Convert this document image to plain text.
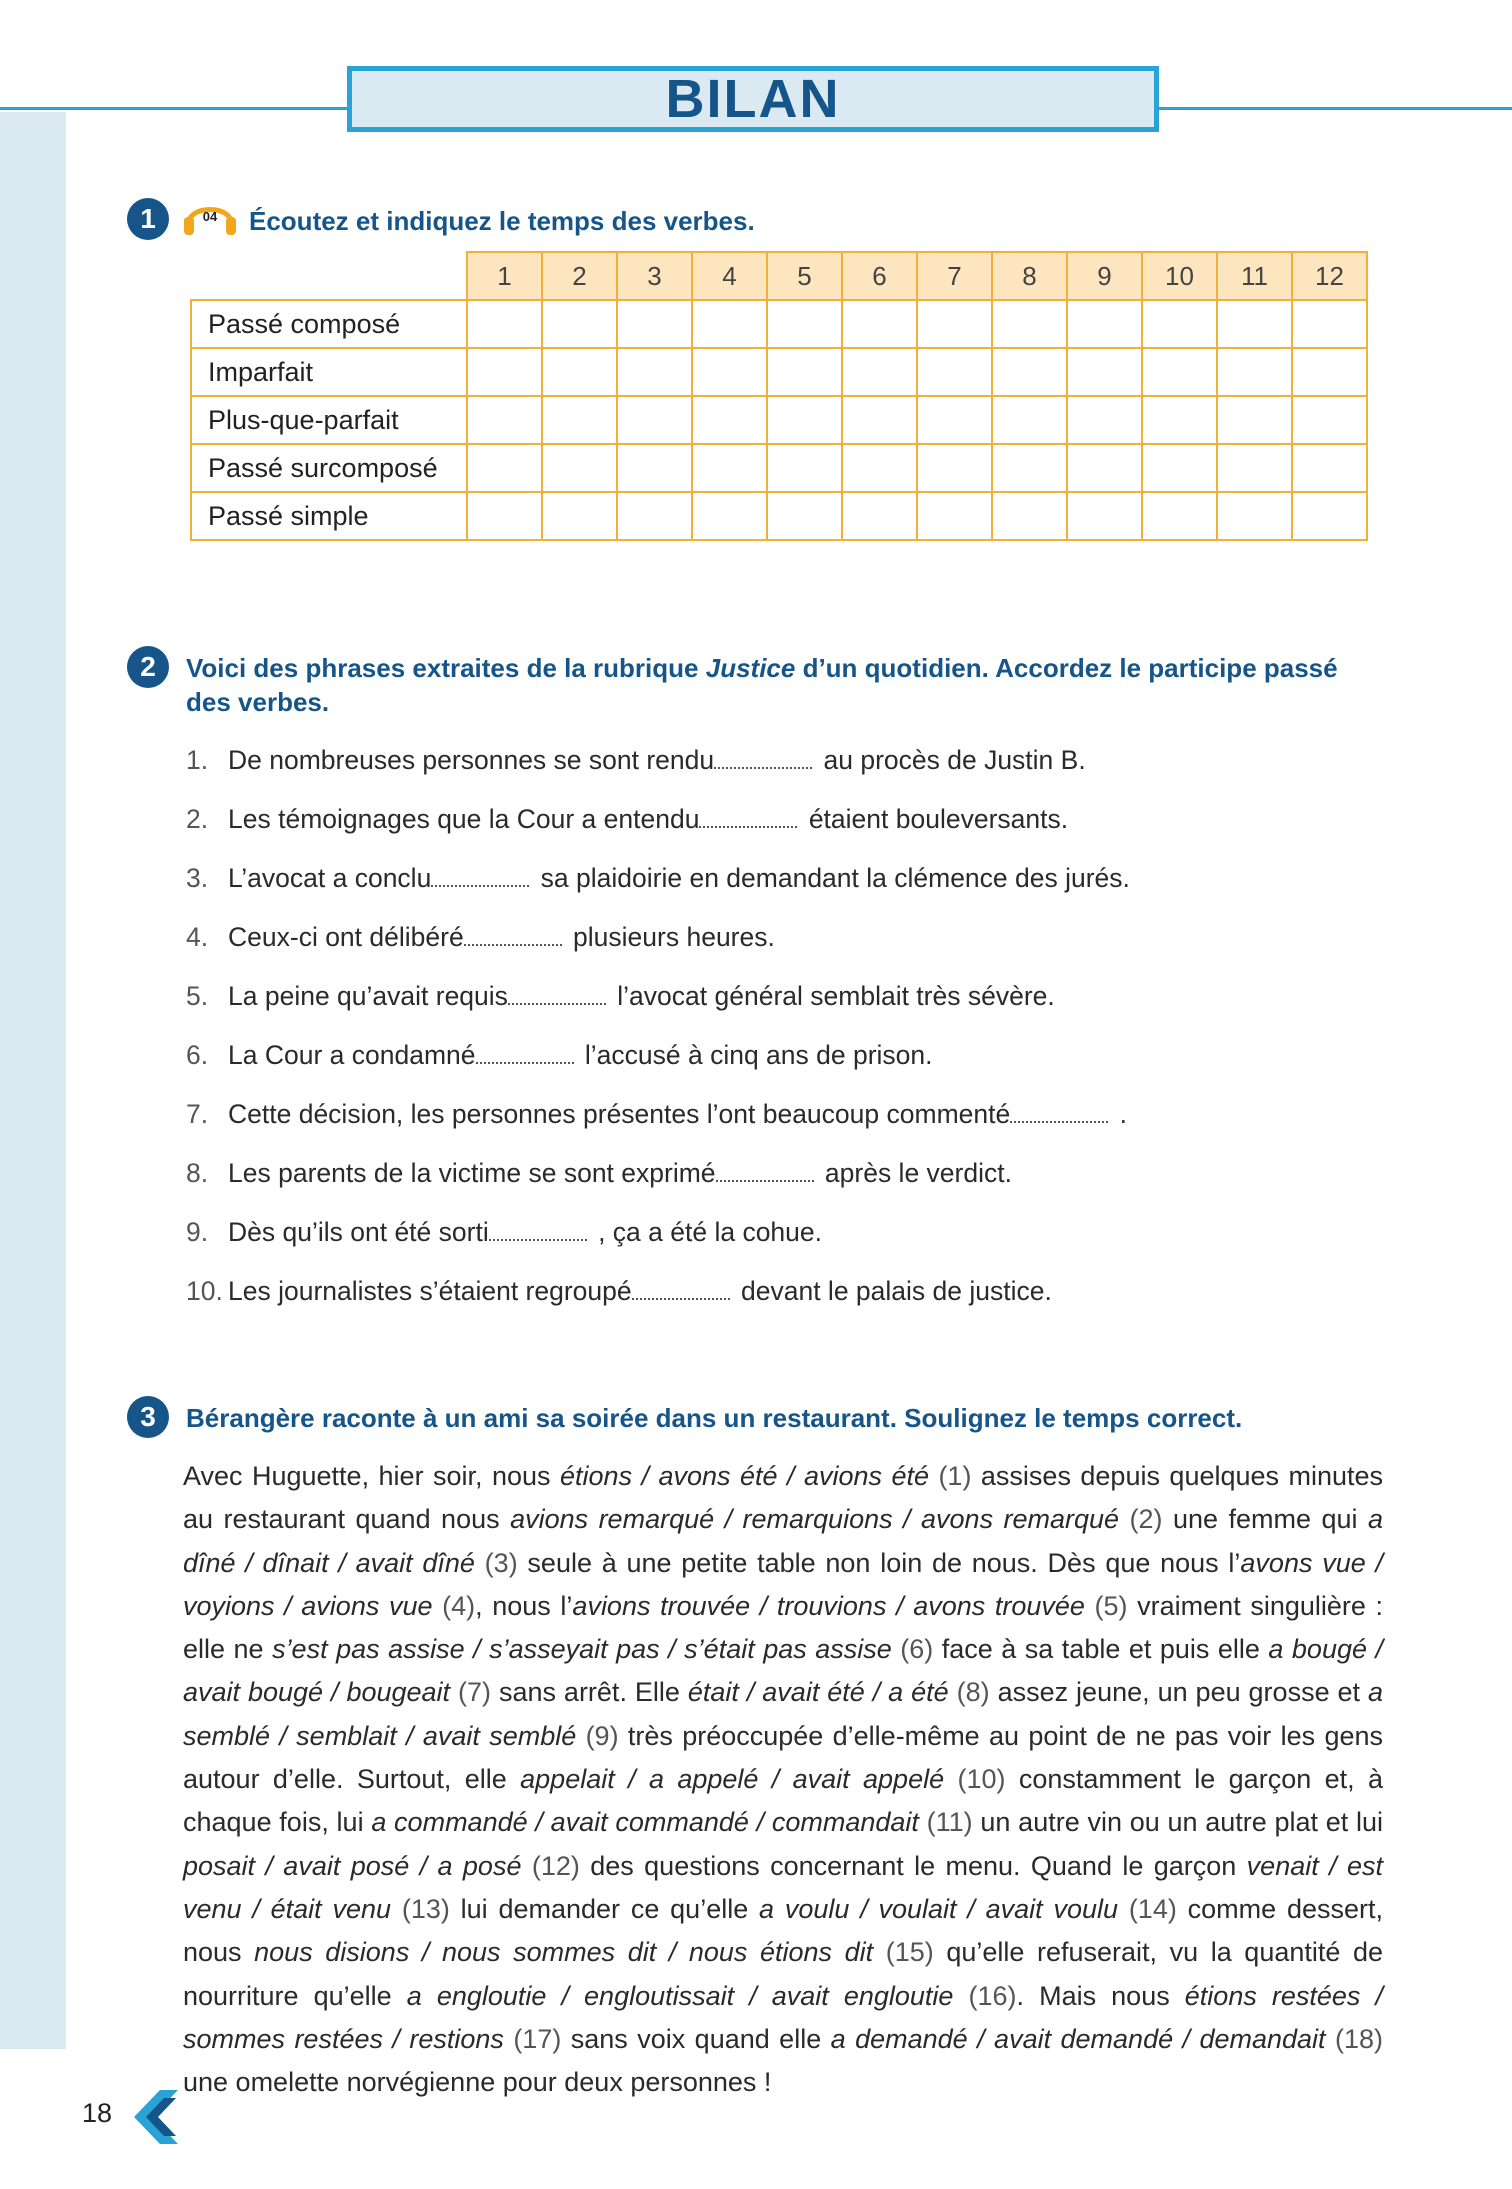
BILAN
1	04 Écoutez et indiquez le temps des verbes.
	1	2	3	4	5	6	7	8	9	10	11	12
Passé composé												
Imparfait												
Plus-que-parfait												
Passé surcomposé												
Passé simple												
2	Voici des phrases extraites de la rubrique Justice d’un quotidien. Accordez le participe passé des verbes.
1. De nombreuses personnes se sont rendu	au procès de Justin B.
2. Les témoignages que la Cour a entendu	étaient bouleversants.
3. L’avocat a conclu	sa plaidoirie en demandant la clémence des jurés.
4. Ceux-ci ont délibéré	plusieurs heures.
5. La peine qu’avait requis	l’avocat général semblait très sévère.
6. La Cour a condamné	l’accusé à cinq ans de prison.
7. Cette décision, les personnes présentes l’ont beaucoup commenté	.
8. Les parents de la victime se sont exprimé	après le verdict.
9. Dès qu’ils ont été sorti	, ça a été la cohue.
10. Les journalistes s’étaient regroupé	devant le palais de justice.
3	Bérangère raconte à un ami sa soirée dans un restaurant. Soulignez le temps correct.

Avec Huguette, hier soir, nous étions / avons été / avions été (1) assises depuis quelques minutes au restaurant quand nous avions remarqué / remarquions / avons remarqué (2) une femme qui a dîné / dînait / avait dîné (3) seule à une petite table non loin de nous. Dès que nous l’avons vue / voyions / avions vue (4), nous l’avions trouvée / trouvions / avons trouvée (5) vraiment singulière : elle ne s’est pas assise / s’asseyait pas / s’était pas assise (6) face à sa table et puis elle a bougé / avait bougé / bougeait (7) sans arrêt. Elle était / avait été / a été (8) assez jeune, un peu grosse et a semblé / semblait / avait semblé (9) très préoccupée d’elle-même au point de ne pas voir les gens autour d’elle. Surtout, elle appelait / a appelé / avait appelé (10) constamment le garçon et, à chaque fois, lui a commandé / avait commandé / commandait (11) un autre vin ou un autre plat et lui posait / avait posé / a posé (12) des questions concernant le menu. Quand le garçon venait / est venu / était venu (13) lui demander ce qu’elle a voulu / voulait / avait voulu (14) comme dessert, nous nous disions / nous sommes dit / nous étions dit (15) qu’elle refuserait, vu la quantité de nourriture qu’elle a engloutie / engloutissait / avait engloutie (16). Mais nous étions restées / sommes restées / restions (17) sans voix quand elle a demandé / avait demandé / demandait (18) une omelette norvégienne pour deux personnes !

18
